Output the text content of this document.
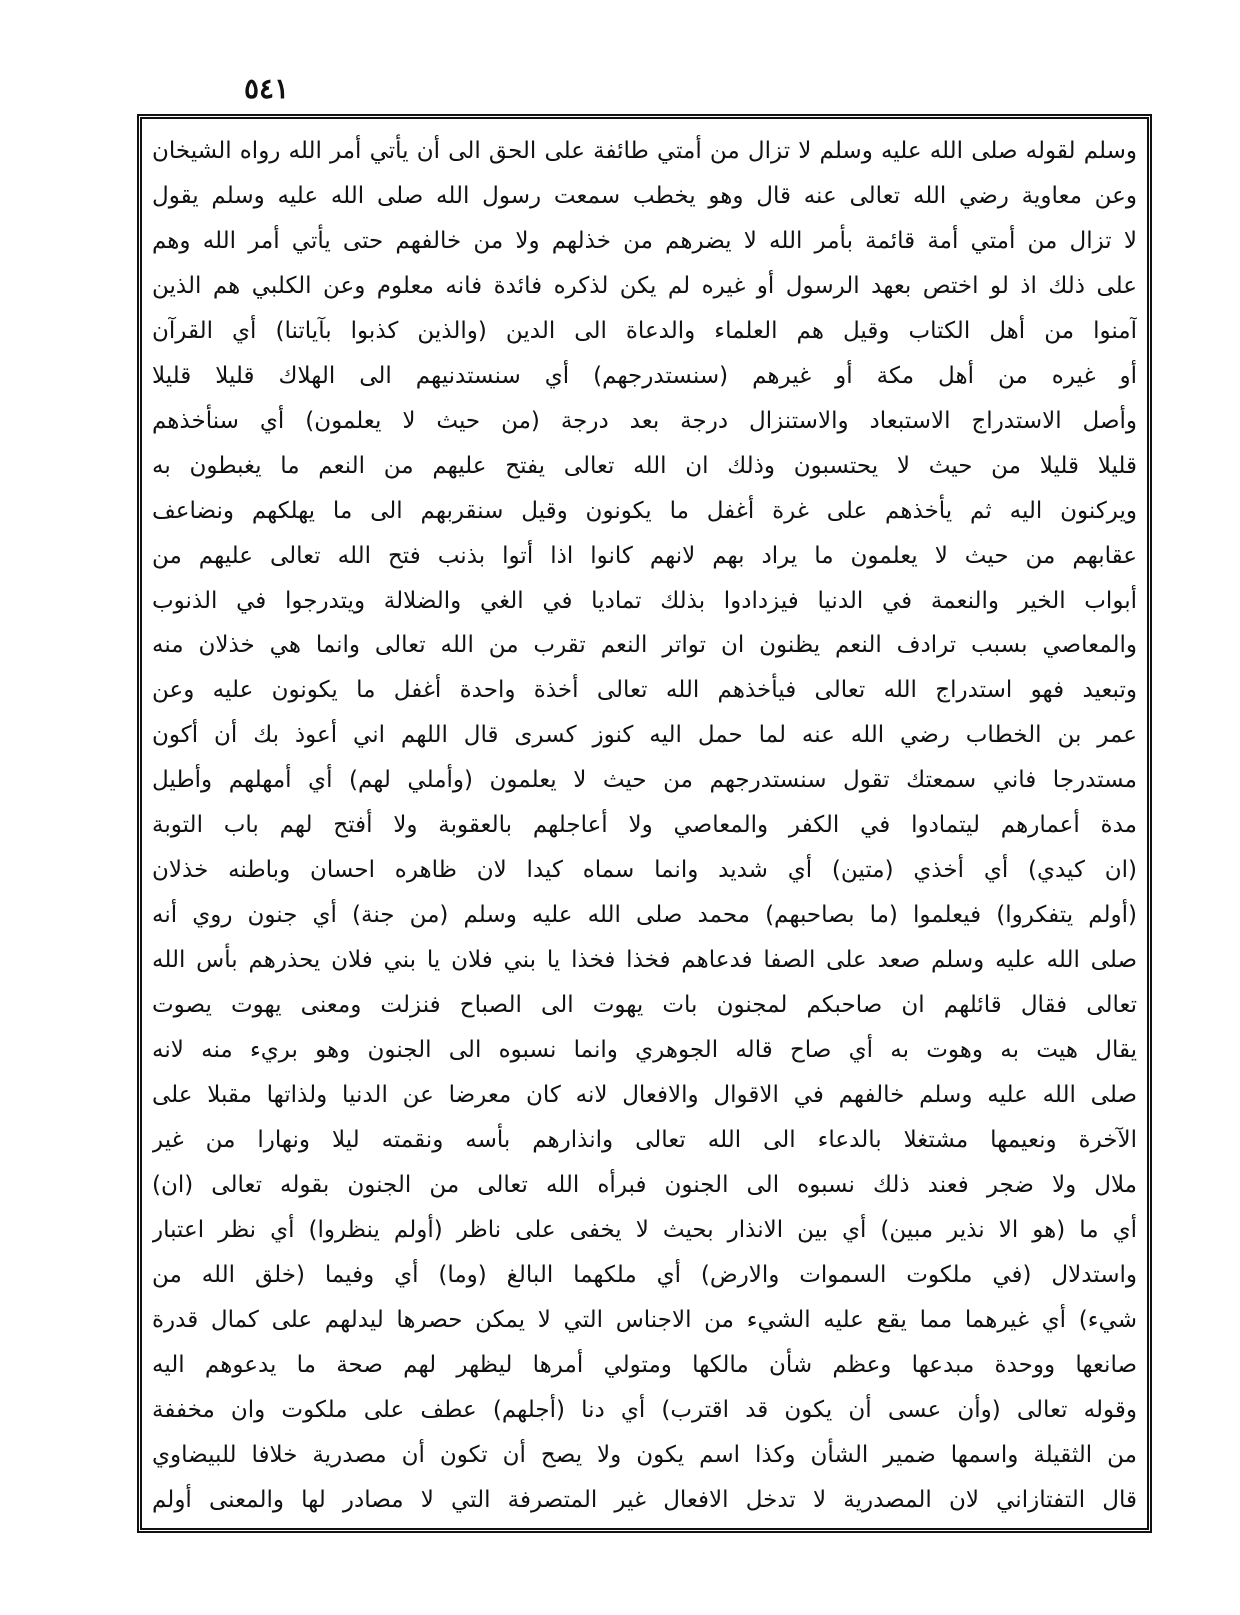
٥٤١
وسلم لقوله صلى الله عليه وسلم لا تزال من أمتي طائفة على الحق الى أن يأتي أمر الله رواه الشيخان
وعن معاوية رضي الله تعالى عنه قال وهو يخطب سمعت رسول الله صلى الله عليه وسلم يقول
لا تزال من أمتي أمة قائمة بأمر الله لا يضرهم من خذلهم ولا من خالفهم حتى يأتي أمر الله وهم
على ذلك اذ لو اختص بعهد الرسول أو غيره لم يكن لذكره فائدة فانه معلوم وعن الكلبي هم الذين
آمنوا من أهل الكتاب وقيل هم العلماء والدعاة الى الدين (والذين كذبوا بآياتنا) أي القرآن
أو غيره من أهل مكة أو غيرهم (سنستدرجهم) أي سنستدنيهم الى الهلاك قليلا قليلا
وأصل الاستدراج الاستبعاد والاستنزال درجة بعد درجة (من حيث لا يعلمون) أي سنأخذهم
قليلا قليلا من حيث لا يحتسبون وذلك ان الله تعالى يفتح عليهم من النعم ما يغبطون به
ويركنون اليه ثم يأخذهم على غرة أغفل ما يكونون وقيل سنقربهم الى ما يهلكهم ونضاعف
عقابهم من حيث لا يعلمون ما يراد بهم لانهم كانوا اذا أتوا بذنب فتح الله تعالى عليهم من
أبواب الخير والنعمة في الدنيا فيزدادوا بذلك تماديا في الغي والضلالة ويتدرجوا في الذنوب
والمعاصي بسبب ترادف النعم يظنون ان تواتر النعم تقرب من الله تعالى وانما هي خذلان منه
وتبعيد فهو استدراج الله تعالى فيأخذهم الله تعالى أخذة واحدة أغفل ما يكونون عليه وعن
عمر بن الخطاب رضي الله عنه لما حمل اليه كنوز كسرى قال اللهم اني أعوذ بك أن أكون
مستدرجا فاني سمعتك تقول سنستدرجهم من حيث لا يعلمون (وأملي لهم) أي أمهلهم وأطيل
مدة أعمارهم ليتمادوا في الكفر والمعاصي ولا أعاجلهم بالعقوبة ولا أفتح لهم باب التوبة
(ان كيدي) أي أخذي (متين) أي شديد وانما سماه كيدا لان ظاهره احسان وباطنه خذلان
(أولم يتفكروا) فيعلموا (ما بصاحبهم) محمد صلى الله عليه وسلم (من جنة) أي جنون روي أنه
صلى الله عليه وسلم صعد على الصفا فدعاهم فخذا فخذا يا بني فلان يا بني فلان يحذرهم بأس الله
تعالى فقال قائلهم ان صاحبكم لمجنون بات يهوت الى الصباح فنزلت ومعنى يهوت يصوت
يقال هيت به وهوت به أي صاح قاله الجوهري وانما نسبوه الى الجنون وهو بريء منه لانه
صلى الله عليه وسلم خالفهم في الاقوال والافعال لانه كان معرضا عن الدنيا ولذاتها مقبلا على
الآخرة ونعيمها مشتغلا بالدعاء الى الله تعالى وانذارهم بأسه ونقمته ليلا ونهارا من غير
ملال ولا ضجر فعند ذلك نسبوه الى الجنون فبرأه الله تعالى من الجنون بقوله تعالى (ان)
أي ما (هو الا نذير مبين) أي بين الانذار بحيث لا يخفى على ناظر (أولم ينظروا) أي نظر اعتبار
واستدلال (في ملكوت السموات والارض) أي ملكهما البالغ (وما) أي وفيما (خلق الله من
شيء) أي غيرهما مما يقع عليه الشيء من الاجناس التي لا يمكن حصرها ليدلهم على كمال قدرة
صانعها ووحدة مبدعها وعظم شأن مالكها ومتولي أمرها ليظهر لهم صحة ما يدعوهم اليه
وقوله تعالى (وأن عسى أن يكون قد اقترب) أي دنا (أجلهم) عطف على ملكوت وان مخففة
من الثقيلة واسمها ضمير الشأن وكذا اسم يكون ولا يصح أن تكون أن مصدرية خلافا للبيضاوي
قال التفتازاني لان المصدرية لا تدخل الافعال غير المتصرفة التي لا مصادر لها والمعنى أولم
